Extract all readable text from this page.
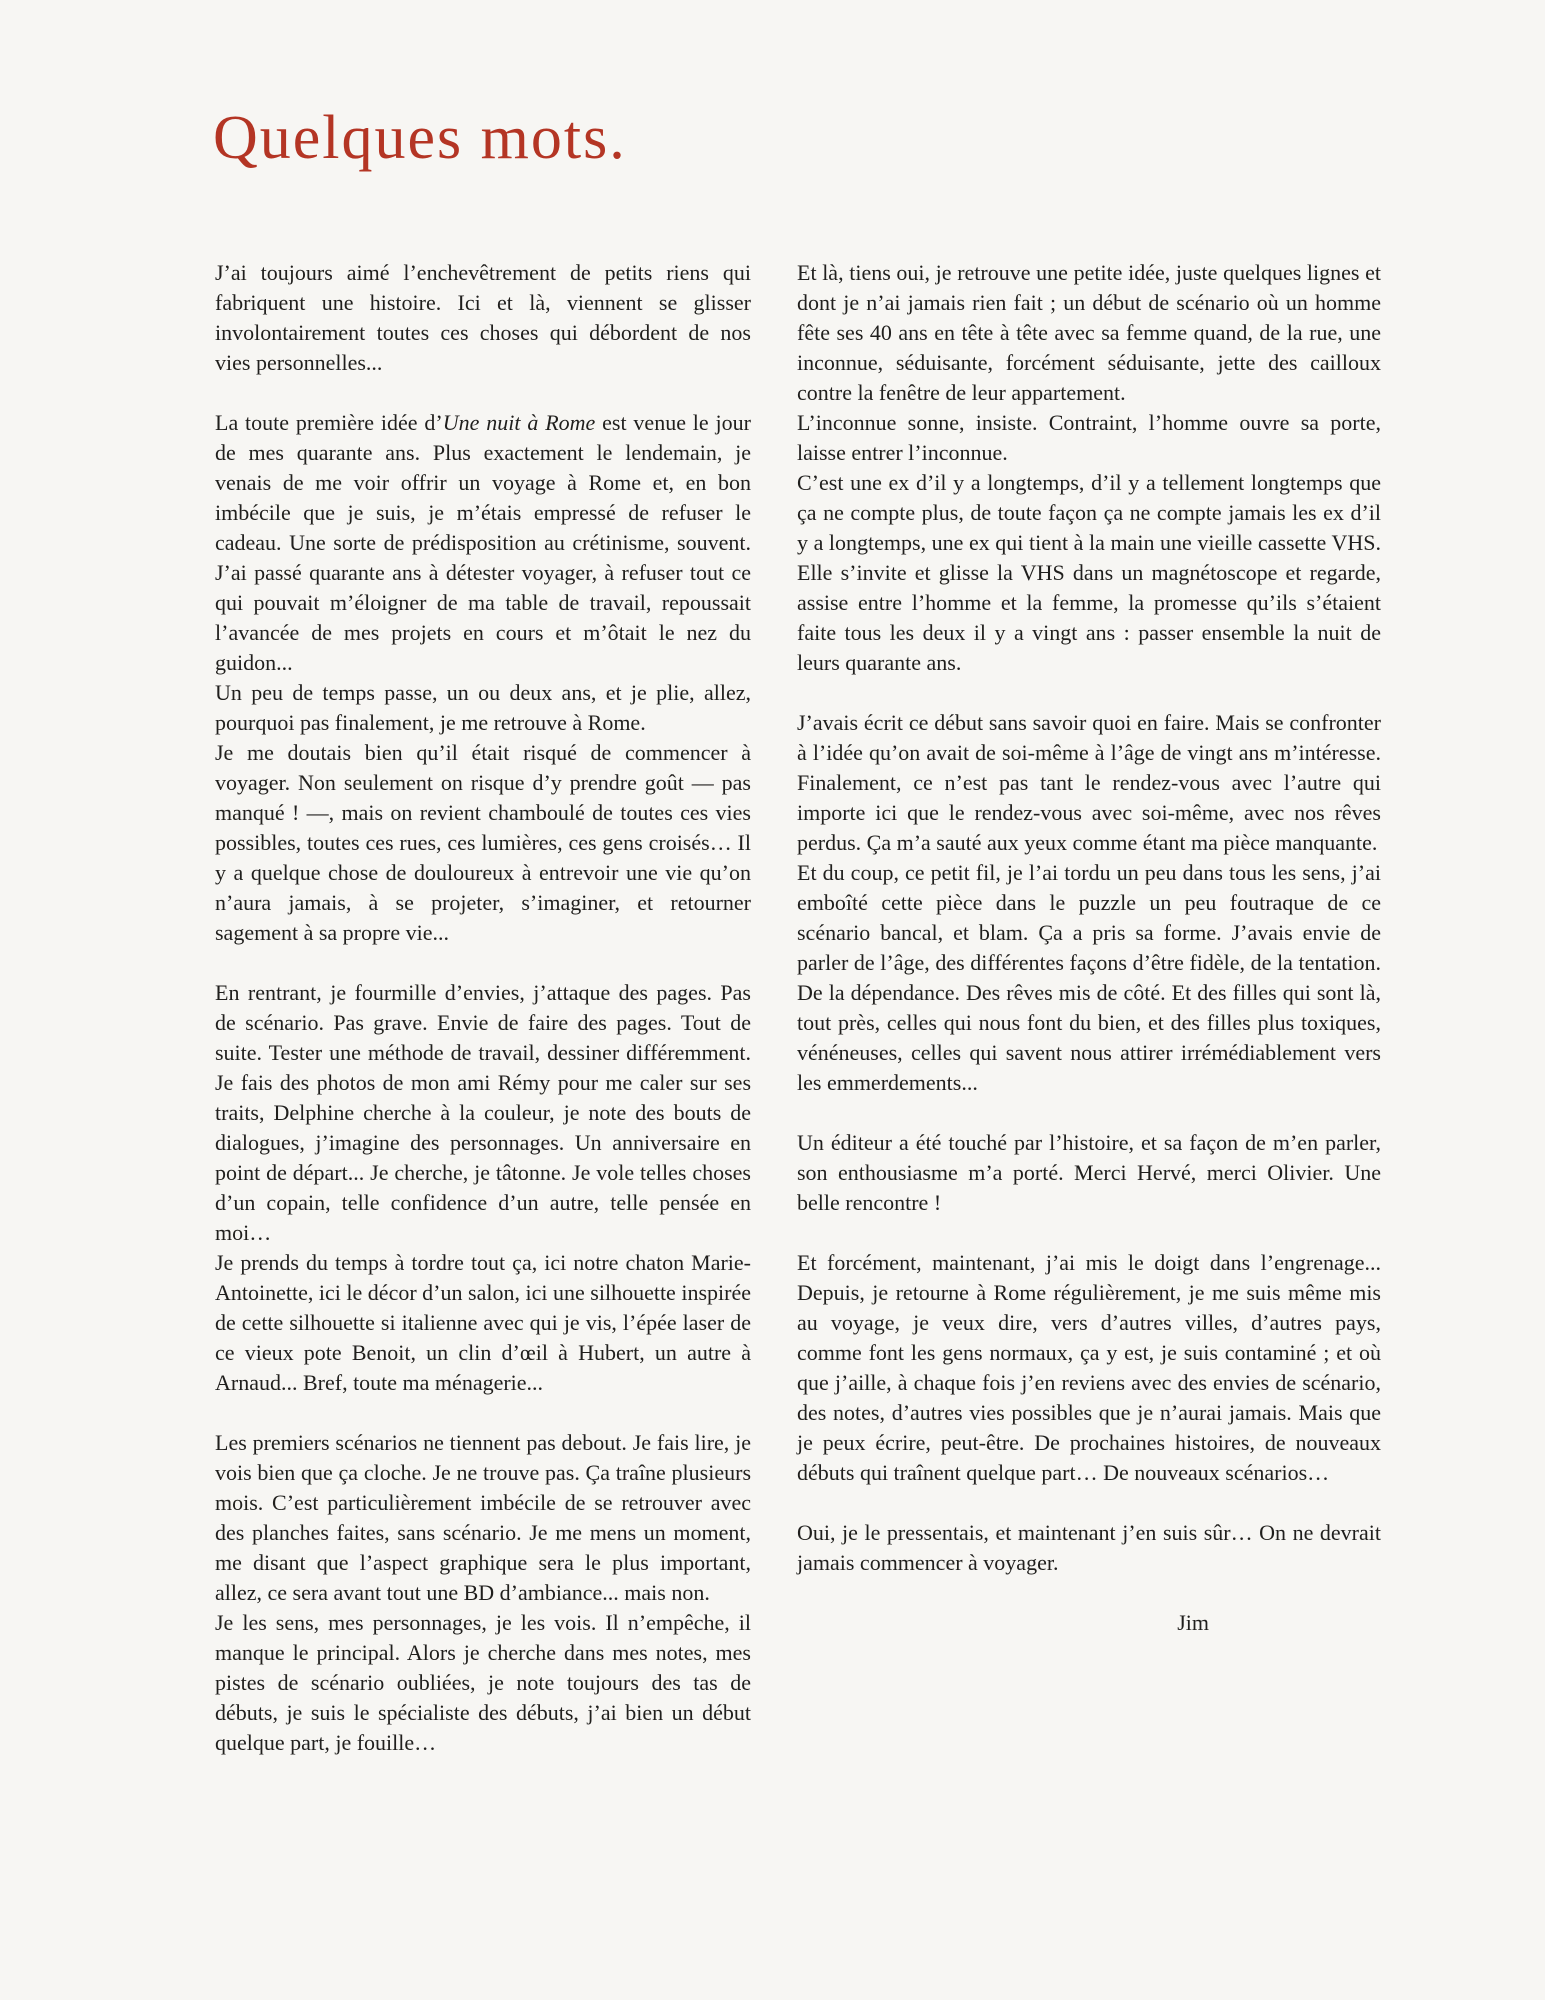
Quelques mots.

J’ai toujours aimé l’enchevêtrement de petits riens qui fabriquent une histoire. Ici et là, viennent se glisser involontairement toutes ces choses qui débordent de nos vies personnelles...

La toute première idée d’Une nuit à Rome est venue le jour de mes quarante ans. Plus exactement le lendemain, je venais de me voir offrir un voyage à Rome et, en bon imbécile que je suis, je m’étais empressé de refuser le cadeau. Une sorte de prédisposition au crétinisme, souvent. J’ai passé quarante ans à détester voyager, à refuser tout ce qui pouvait m’éloigner de ma table de travail, repoussait l’avancée de mes projets en cours et m’ôtait le nez du guidon...

Un peu de temps passe, un ou deux ans, et je plie, allez, pourquoi pas finalement, je me retrouve à Rome.

Je me doutais bien qu’il était risqué de commencer à voyager. Non seulement on risque d’y prendre goût — pas manqué ! —, mais on revient chamboulé de toutes ces vies possibles, toutes ces rues, ces lumières, ces gens croisés… Il y a quelque chose de douloureux à entrevoir une vie qu’on n’aura jamais, à se projeter, s’imaginer, et retourner sagement à sa propre vie...

En rentrant, je fourmille d’envies, j’attaque des pages. Pas de scénario. Pas grave. Envie de faire des pages. Tout de suite. Tester une méthode de travail, dessiner différemment. Je fais des photos de mon ami Rémy pour me caler sur ses traits, Delphine cherche à la couleur, je note des bouts de dialogues, j’imagine des personnages. Un anniversaire en point de départ... Je cherche, je tâtonne. Je vole telles choses d’un copain, telle confidence d’un autre, telle pensée en moi…

Je prends du temps à tordre tout ça, ici notre chaton Marie-Antoinette, ici le décor d’un salon, ici une silhouette inspirée de cette silhouette si italienne avec qui je vis, l’épée laser de ce vieux pote Benoit, un clin d’œil à Hubert, un autre à Arnaud... Bref, toute ma ménagerie...

Les premiers scénarios ne tiennent pas debout. Je fais lire, je vois bien que ça cloche. Je ne trouve pas. Ça traîne plusieurs mois. C’est particulièrement imbécile de se retrouver avec des planches faites, sans scénario. Je me mens un moment, me disant que l’aspect graphique sera le plus important, allez, ce sera avant tout une BD d’ambiance... mais non.

Je les sens, mes personnages, je les vois. Il n’empêche, il manque le principal. Alors je cherche dans mes notes, mes pistes de scénario oubliées, je note toujours des tas de débuts, je suis le spécialiste des débuts, j’ai bien un début quelque part, je fouille…

Et là, tiens oui, je retrouve une petite idée, juste quelques lignes et dont je n’ai jamais rien fait ; un début de scénario où un homme fête ses 40 ans en tête à tête avec sa femme quand, de la rue, une inconnue, séduisante, forcément séduisante, jette des cailloux contre la fenêtre de leur appartement.

L’inconnue sonne, insiste. Contraint, l’homme ouvre sa porte, laisse entrer l’inconnue.

C’est une ex d’il y a longtemps, d’il y a tellement longtemps que ça ne compte plus, de toute façon ça ne compte jamais les ex d’il y a longtemps, une ex qui tient à la main une vieille cassette VHS. Elle s’invite et glisse la VHS dans un magnétoscope et regarde, assise entre l’homme et la femme, la promesse qu’ils s’étaient faite tous les deux il y a vingt ans : passer ensemble la nuit de leurs quarante ans.

J’avais écrit ce début sans savoir quoi en faire. Mais se confronter à l’idée qu’on avait de soi-même à l’âge de vingt ans m’intéresse. Finalement, ce n’est pas tant le rendez-vous avec l’autre qui importe ici que le rendez-vous avec soi-même, avec nos rêves perdus. Ça m’a sauté aux yeux comme étant ma pièce manquante.

Et du coup, ce petit fil, je l’ai tordu un peu dans tous les sens, j’ai emboîté cette pièce dans le puzzle un peu foutraque de ce scénario bancal, et blam. Ça a pris sa forme. J’avais envie de parler de l’âge, des différentes façons d’être fidèle, de la tentation. De la dépendance. Des rêves mis de côté. Et des filles qui sont là, tout près, celles qui nous font du bien, et des filles plus toxiques, vénéneuses, celles qui savent nous attirer irrémédiablement vers les emmerdements...

Un éditeur a été touché par l’histoire, et sa façon de m’en parler, son enthousiasme m’a porté. Merci Hervé, merci Olivier. Une belle rencontre !

Et forcément, maintenant, j’ai mis le doigt dans l’engrenage... Depuis, je retourne à Rome régulièrement, je me suis même mis au voyage, je veux dire, vers d’autres villes, d’autres pays, comme font les gens normaux, ça y est, je suis contaminé ; et où que j’aille, à chaque fois j’en reviens avec des envies de scénario, des notes, d’autres vies possibles que je n’aurai jamais. Mais que je peux écrire, peut-être. De prochaines histoires, de nouveaux débuts qui traînent quelque part… De nouveaux scénarios…

Oui, je le pressentais, et maintenant j’en suis sûr… On ne devrait jamais commencer à voyager.

Jim
